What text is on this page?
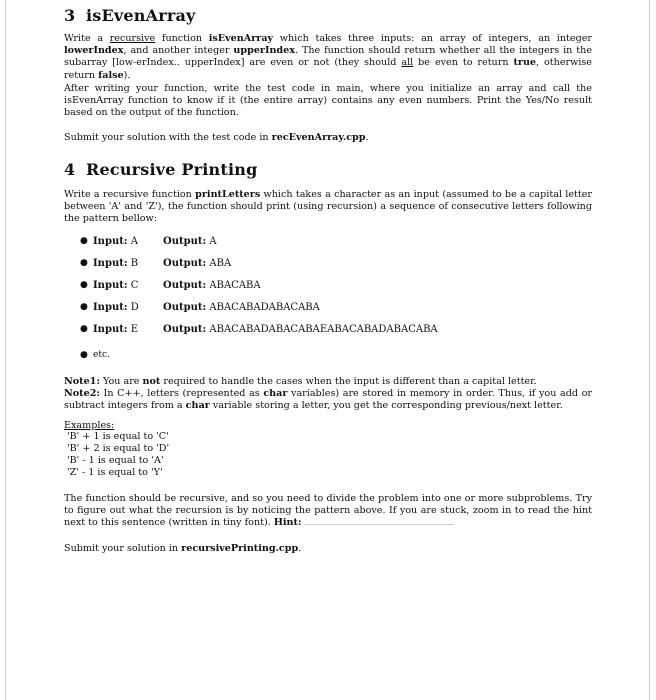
3 isEvenArray

Write a recursive function isEvenArray which takes three inputs: an array of integers, an integer lowerIndex, and another integer upperIndex. The function should return whether all the integers in the subarray [low-erIndex.. upperIndex] are even or not (they should all be even to return true, otherwise return false).

After writing your function, write the test code in main, where you initialize an array and call the isEvenArray function to know if it (the entire array) contains any even numbers. Print the Yes/No result based on the output of the function.

Submit your solution with the test code in recEvenArray.cpp.

4 Recursive Printing

Write a recursive function printLetters which takes a character as an input (assumed to be a capital letter between 'A' and 'Z'), the function should print (using recursion) a sequence of consecutive letters following the pattern bellow:

● Input: A	Output: A
● Input: B Output: ABA
● Input: C Output: ABACABA
● Input: D Output: ABACABADABACABA
● Input: E Output: ABACABADABACABAEABACABADABACABA
● etc.

Note1: You are not required to handle the cases when the input is different than a capital letter.

Note2: In C++, letters (represented as char variables) are stored in memory in order. Thus, if you add or subtract integers from a char variable storing a letter, you get the corresponding previous/next letter.

Examples:
'B' + 1 is equal to 'C'
'B' + 2 is equal to 'D'
'B' - 1 is equal to 'A'
'Z' - 1 is equal to 'Y'

The function should be recursive, and so you need to divide the problem into one or more subproblems. Try to figure out what the recursion is by noticing the pattern above. If you are stuck, zoom in to read the hint next to this sentence (written in tiny font). Hint:

Submit your solution in recursivePrinting.cpp.
